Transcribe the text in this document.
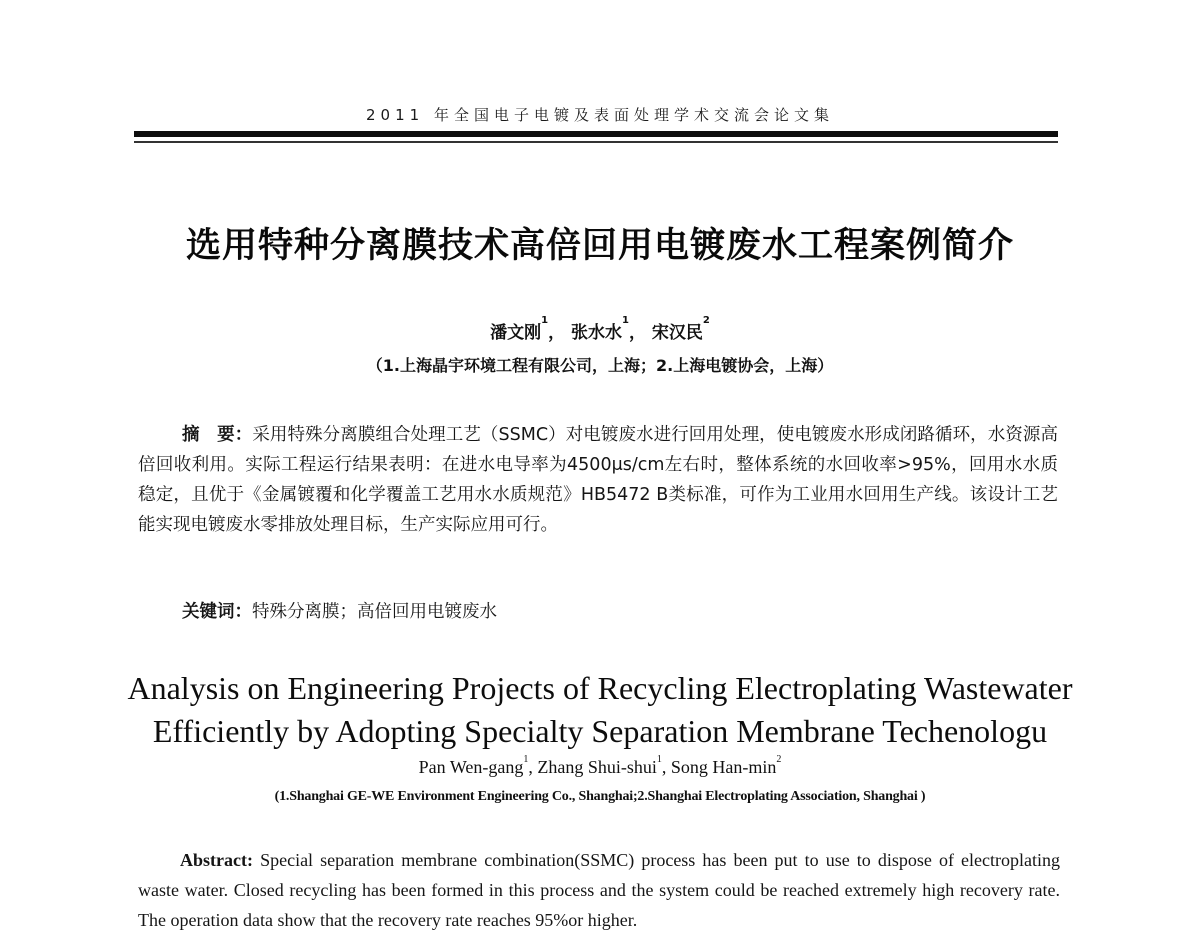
2011 年全国电子电镀及表面处理学术交流会论文集
选用特种分离膜技术高倍回用电镀废水工程案例简介
潘文刚$^1$， 张水水$^1$， 宋汉民$^2$
（1.上海晶宇环境工程有限公司，上海；2.上海电镀协会，上海）
摘　要：采用特殊分离膜组合处理工艺（SSMC）对电镀废水进行回用处理，使电镀废水形成闭路循环，水资源高倍回收利用。实际工程运行结果表明：在进水电导率为4500μs/cm左右时，整体系统的水回收率>95%，回用水水质稳定，且优于《金属镀覆和化学覆盖工艺用水水质规范》HB5472 B类标准，可作为工业用水回用生产线。该设计工艺能实现电镀废水零排放处理目标，生产实际应用可行。
关键词：特殊分离膜；高倍回用电镀废水
Analysis on Engineering Projects of Recycling Electroplating Wastewater
Efficiently by Adopting Specialty Separation Membrane Techenologu
Pan Wen-gang$^1$, Zhang Shui-shui$^1$, Song Han-$\min^2$
(1.Shanghai GE-WE Environment Engineering Co., Shanghai;2.Shanghai Electroplating Association, Shanghai )
Abstract: Special separation membrane combination(SSMC) process has been put to use to dispose of electroplating waste water. Closed recycling has been formed in this process and the system could be reached extremely high recovery rate. The operation data show that the recovery rate reaches 95%or higher.
